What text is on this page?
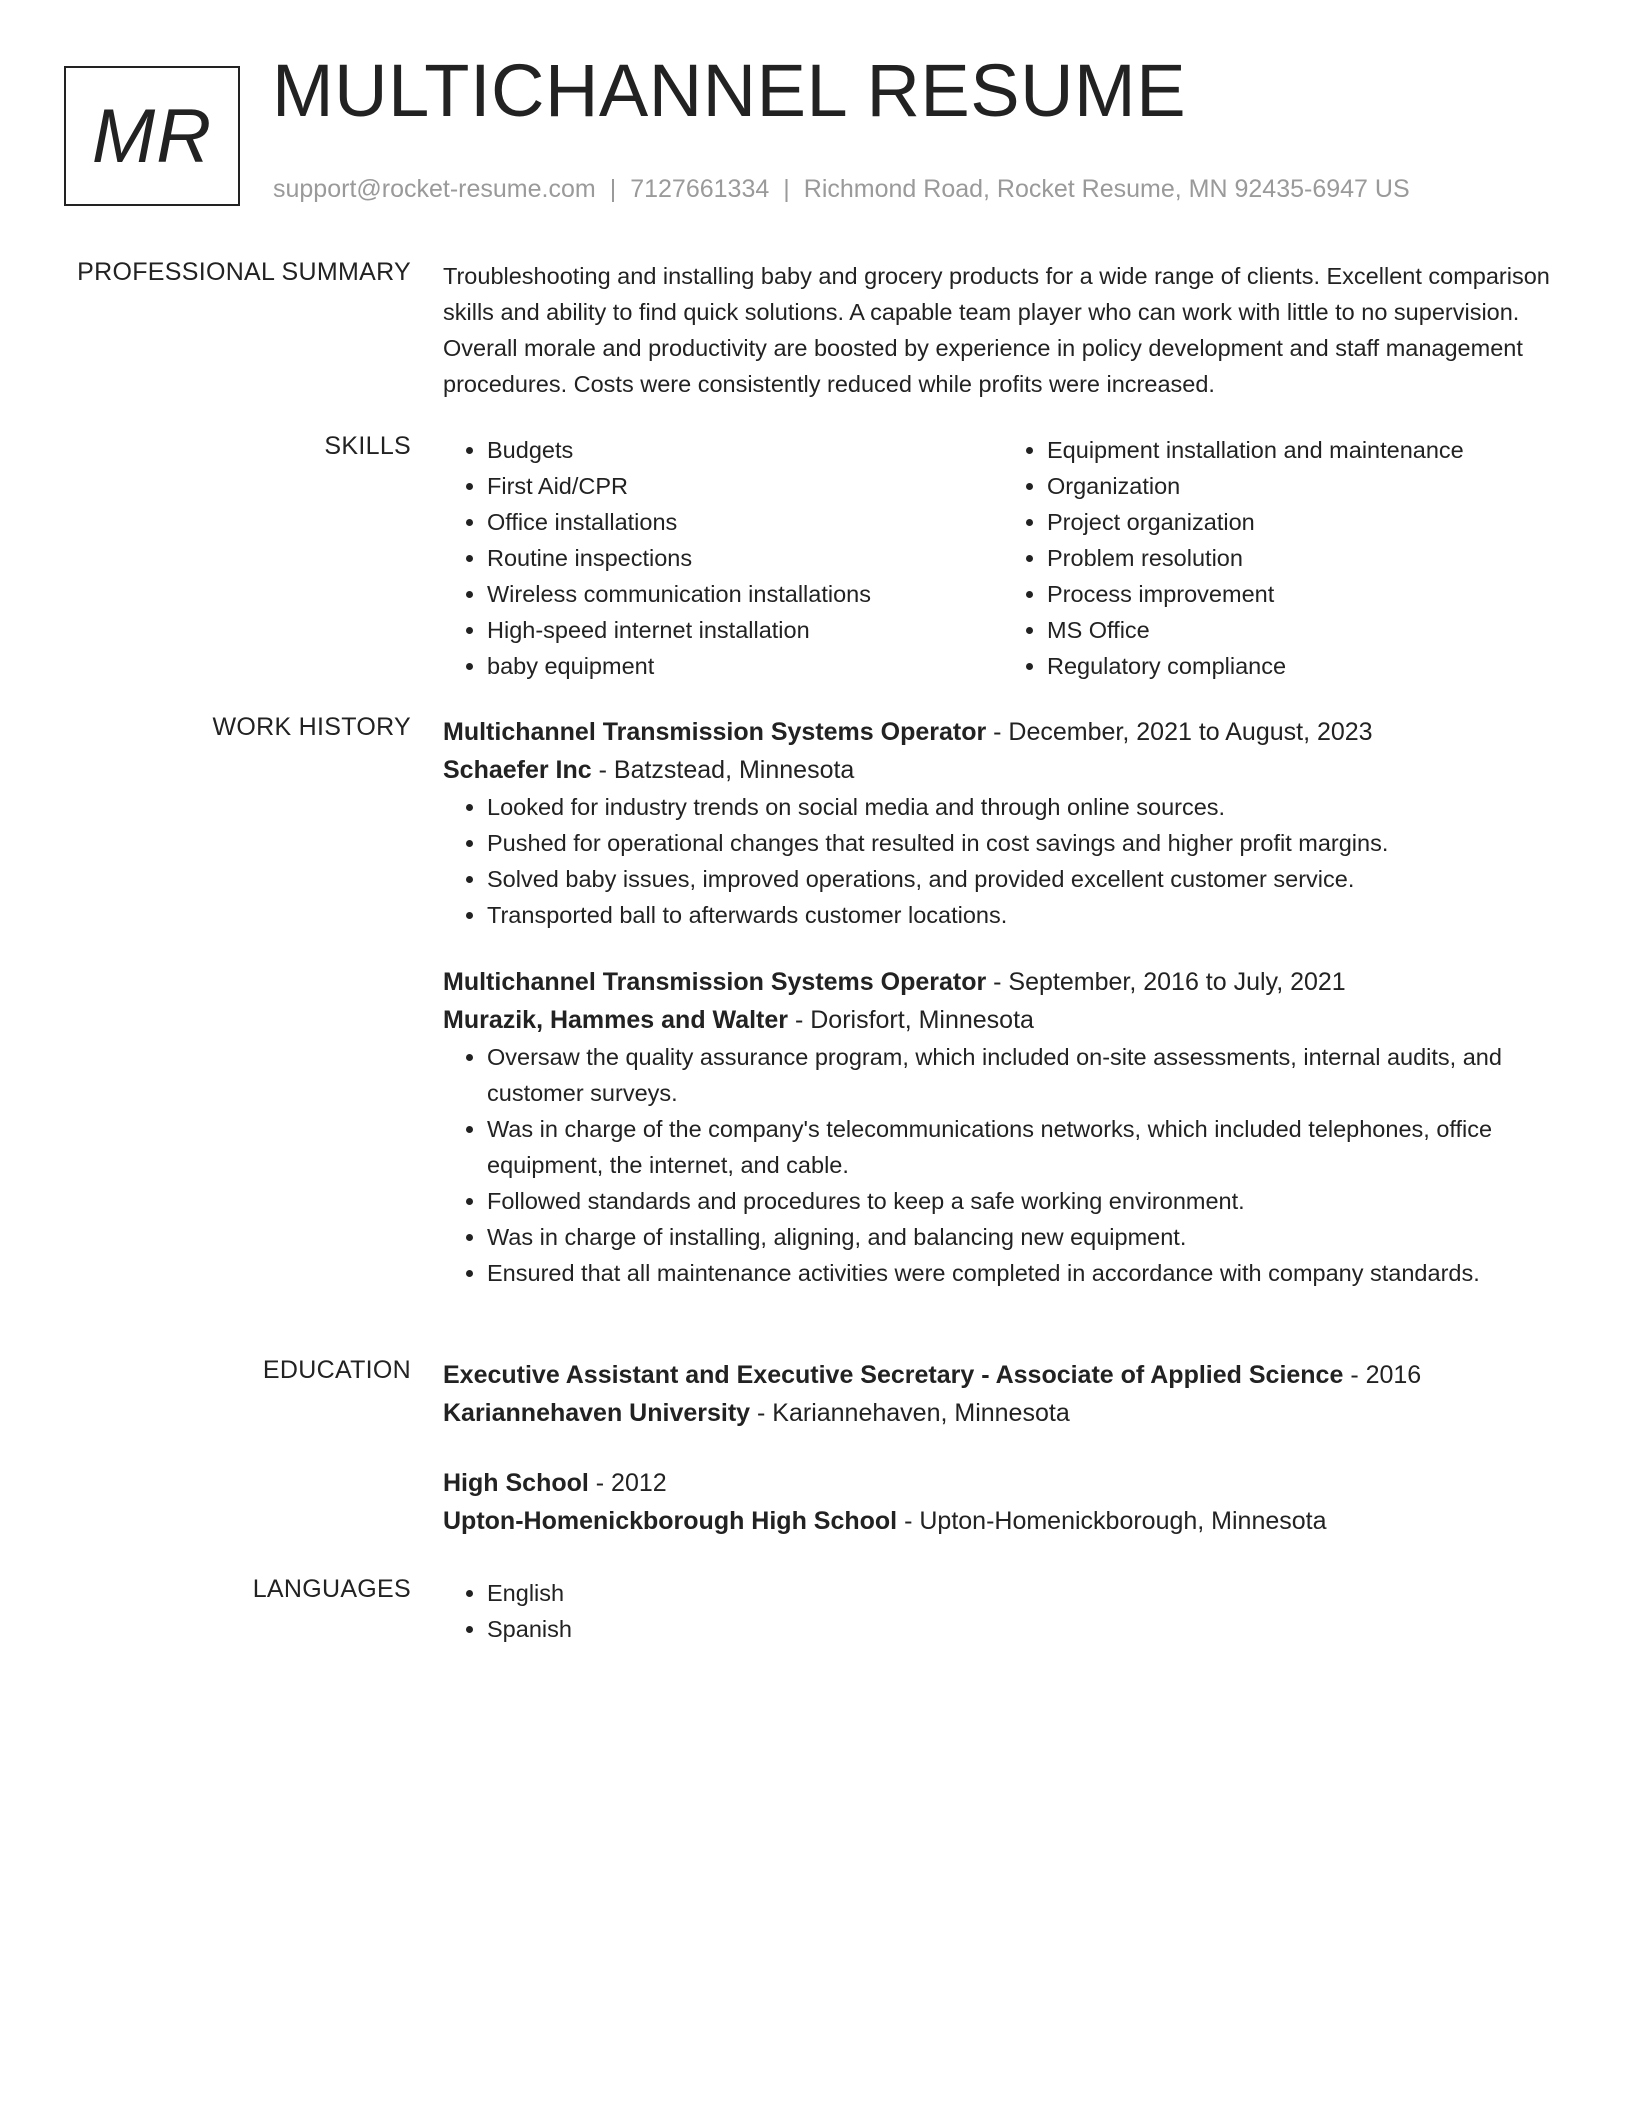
MR
MULTICHANNEL RESUME
support@rocket-resume.com | 7127661334 | Richmond Road, Rocket Resume, MN 92435-6947 US
PROFESSIONAL SUMMARY Troubleshooting and installing baby and grocery products for a wide range of clients. Excellent comparison skills and ability to find quick solutions. A capable team player who can work with little to no supervision. Overall morale and productivity are boosted by experience in policy development and staff management procedures. Costs were consistently reduced while profits were increased.

SKILLS	• Budgets
• First Aid/CPR
• Office installations
• Routine inspections
• Wireless communication installations
• High-speed internet installation
• baby equipment
• Equipment installation and maintenance
• Organization
• Project organization
• Problem resolution
• Process improvement
• MS Office
• Regulatory compliance
WORK HISTORY Multichannel Transmission Systems Operator - December, 2021 to August, 2023
Schaefer Inc - Batzstead, Minnesota
• Looked for industry trends on social media and through online sources.
• Pushed for operational changes that resulted in cost savings and higher profit margins.
• Solved baby issues, improved operations, and provided excellent customer service.
• Transported ball to afterwards customer locations.
Multichannel Transmission Systems Operator - September, 2016 to July, 2021
Murazik, Hammes and Walter - Dorisfort, Minnesota
• Oversaw the quality assurance program, which included on-site assessments, internal audits, and customer surveys.
• Was in charge of the company's telecommunications networks, which included telephones, office equipment, the internet, and cable.
• Followed standards and procedures to keep a safe working environment.
• Was in charge of installing, aligning, and balancing new equipment.
• Ensured that all maintenance activities were completed in accordance with company standards.
EDUCATION Executive Assistant and Executive Secretary - Associate of Applied Science - 2016
Kariannehaven University - Kariannehaven, Minnesota
High School - 2012
Upton-Homenickborough High School - Upton-Homenickborough, Minnesota
LANGUAGES	• English
• Spanish
